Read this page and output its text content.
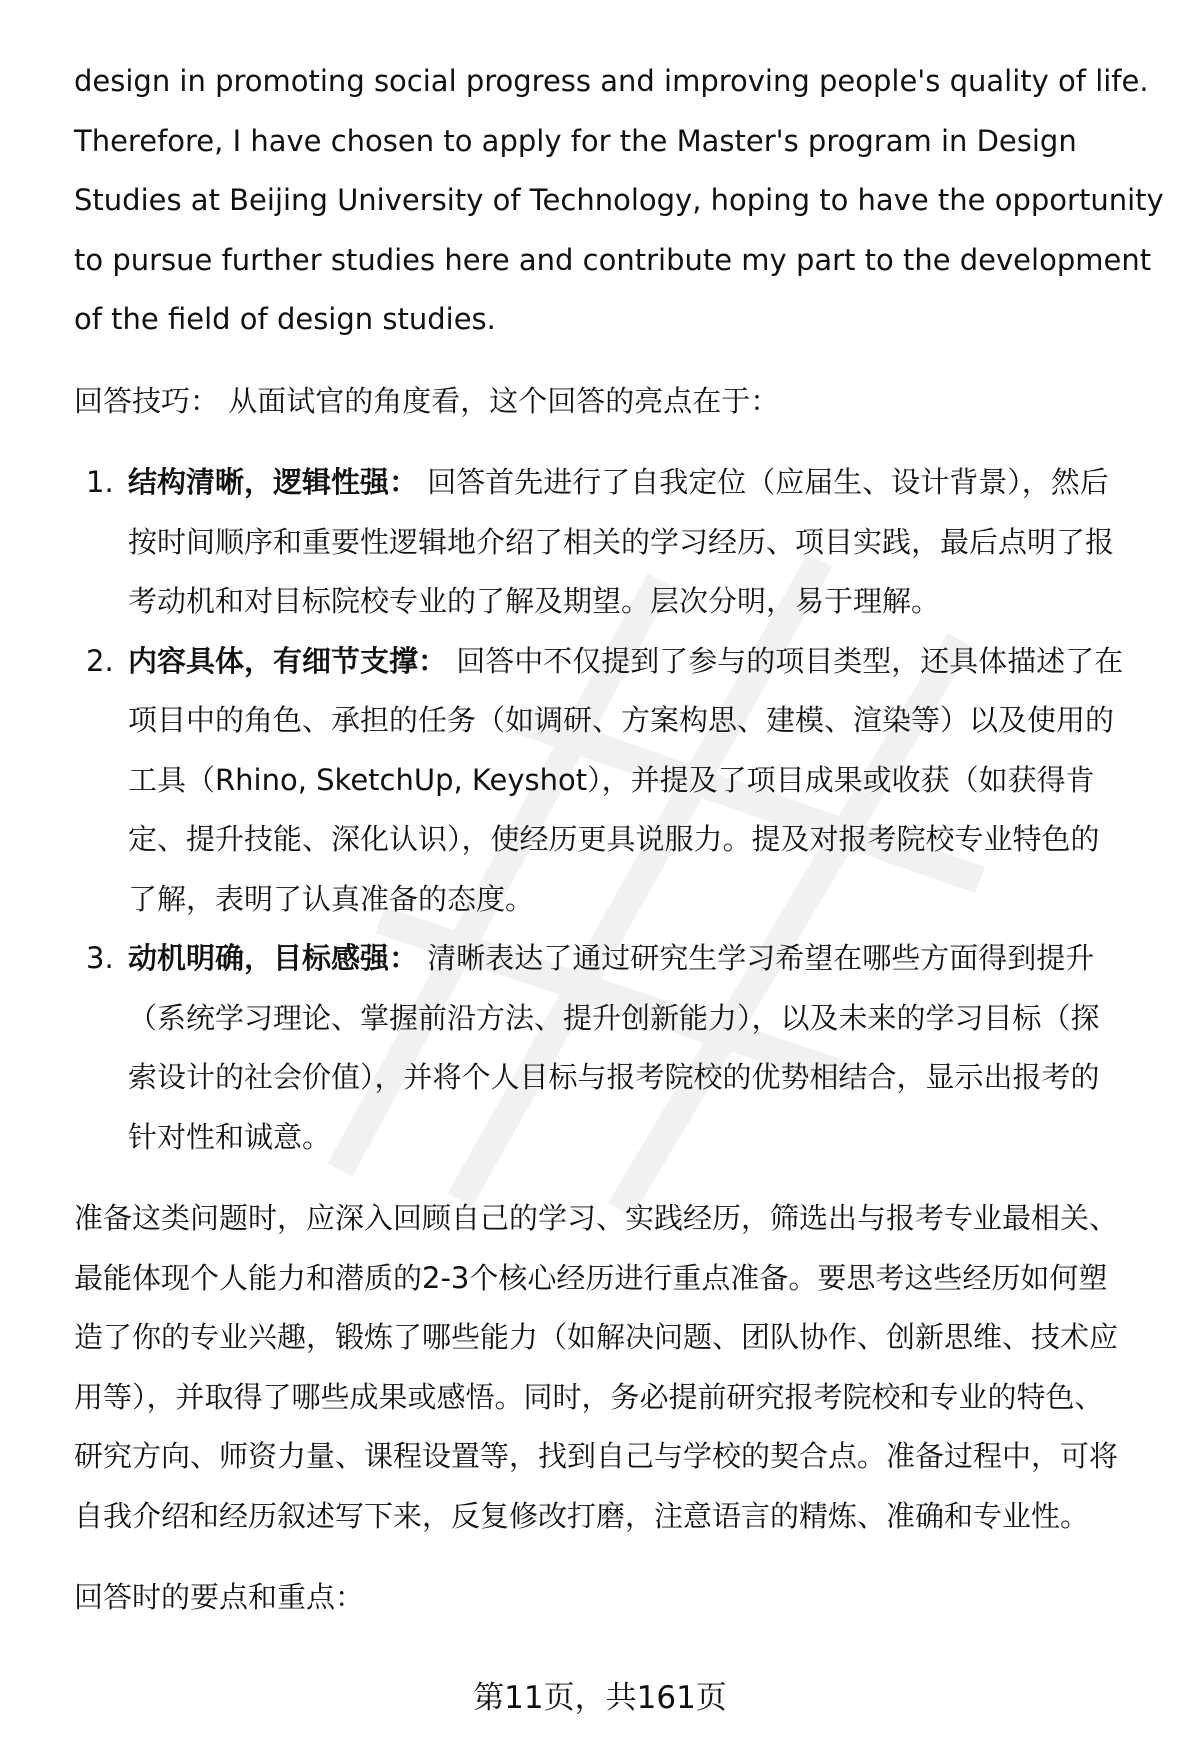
design in promoting social progress and improving people's quality of life.
Therefore, I have chosen to apply for the Master's program in Design
Studies at Beijing University of Technology, hoping to have the opportunity
to pursue further studies here and contribute my part to the development
of the field of design studies.
回答技巧： 从面试官的角度看，这个回答的亮点在于：
1. 结构清晰，逻辑性强： 回答首先进行了自我定位（应届生、设计背景），然后
按时间顺序和重要性逻辑地介绍了相关的学习经历、项目实践，最后点明了报
考动机和对目标院校专业的了解及期望。层次分明，易于理解。
2. 内容具体，有细节支撑： 回答中不仅提到了参与的项目类型，还具体描述了在
项目中的角色、承担的任务（如调研、方案构思、建模、渲染等）以及使用的
工具（Rhino, SketchUp, Keyshot），并提及了项目成果或收获（如获得肯
定、提升技能、深化认识），使经历更具说服力。提及对报考院校专业特色的
了解，表明了认真准备的态度。
3. 动机明确，目标感强： 清晰表达了通过研究生学习希望在哪些方面得到提升
（系统学习理论、掌握前沿方法、提升创新能力），以及未来的学习目标（探
索设计的社会价值），并将个人目标与报考院校的优势相结合，显示出报考的
针对性和诚意。
准备这类问题时，应深入回顾自己的学习、实践经历，筛选出与报考专业最相关、
最能体现个人能力和潜质的2-3个核心经历进行重点准备。要思考这些经历如何塑
造了你的专业兴趣，锻炼了哪些能力（如解决问题、团队协作、创新思维、技术应
用等），并取得了哪些成果或感悟。同时，务必提前研究报考院校和专业的特色、
研究方向、师资力量、课程设置等，找到自己与学校的契合点。准备过程中，可将
自我介绍和经历叙述写下来，反复修改打磨，注意语言的精炼、准确和专业性。
回答时的要点和重点：
第11页，共161页
